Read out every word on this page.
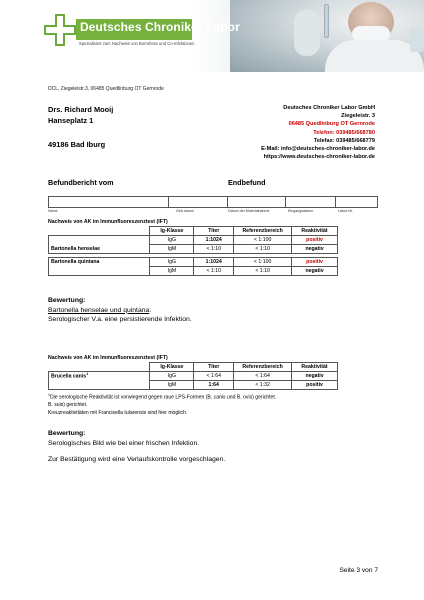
Deutsches Chroniker Labor
Spezialisiert zum Nachweis von Borreliose und Co-Infektionen
DCL, Ziegeleistr.3, 06485 Quedlinburg OT Gernrode
Drs. Richard Mooij
Hanseplatz 1
49186 Bad Iburg
Deutsches Chroniker Labor GmbH
Ziegeleistr. 3
06485 Quedlinburg OT Gernrode
Telefon: 039485/668780
Telefax: 039485/668779
E-Mail: info@deutsches-chroniker-labor.de
https://www.deutsches-chroniker-labor.de
Befundbericht vom	Endbefund

Name	Geb.datum	Datum der Materialnahme	Eingangsdatum	Labor-Nr.
Nachweis von AK im Immunfluoreszenztest (IFT)
	Ig-Klasse	Titer	Referenzbereich	Reaktivität
	IgG	1:1024	< 1:100	positiv
Bartonella henselae	IgM	< 1:10	< 1:10	negativ

Bartonella quintana	IgG	1:1024	< 1:100	positiv
	IgM	< 1:10	< 1:10	negativ
Bewertung:
Bartonella henselae und quintana:
Serologischer V.a. eine persistierende Infektion.
Nachweis von AK im Immunfluoreszenztest (IFT)
	Ig-Klasse	Titer	Referenzbereich	Reaktivität
Brucella canis$^1$	IgG	< 1:64	< 1:64	negativ
	IgM	1:64	< 1:32	positiv
$^1$Die serologische Reaktivität ist vorwiegend gegen raue LPS-Formen (B. canis und B. ovis) gerichtet.
B. suis) gerichtet.
Kreuzreaktivitäten mit Francisella tularensis sind hier möglich.
Bewertung:
Serologisches Bild wie bei einer frischen Infektion.
Zur Bestätigung wird eine Verlaufskontrolle vorgeschlagen.
Seite 3 von 7
